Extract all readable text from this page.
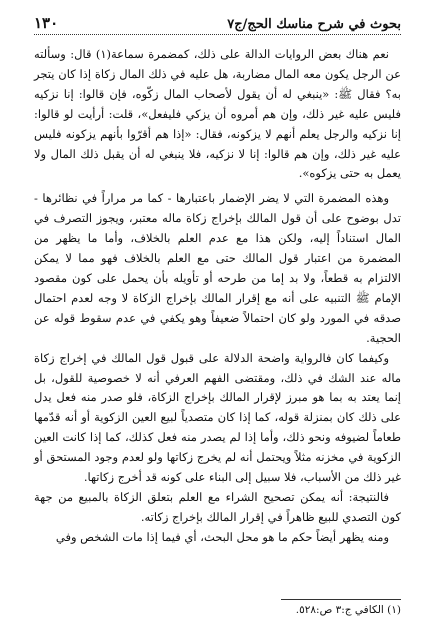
بحوث في شرح مناسك الحج/ج٧
١٣٠

نعم هناك بعض الروايات الدالة على ذلك، كمضمرة سماعة(١) قال: وسألته عن الرجل يكون معه المال مضاربة، هل عليه في ذلك المال زكاة إذا كان يتجر به؟ فقال ﷺ: «ينبغي له أن يقول لأصحاب المال زكّوه، فإن قالوا: إنا نزكيه فليس عليه غير ذلك، وإن هم أمروه أن يزكي فليفعل»، قلت: أرأيت لو قالوا: إنا نزكيه والرجل يعلم أنهم لا يزكونه، فقال: «إذا هم أقرّوا بأنهم يزكونه فليس عليه غير ذلك، وإن هم قالوا: إنا لا نزكيه، فلا ينبغي له أن يقبل ذلك المال ولا يعمل به حتى يزكوه».

وهذه المضمرة التي لا يضر الإضمار باعتبارها - كما مر مراراً في نظائرها - تدل بوضوح على أن قول المالك بإخراج زكاة ماله معتبر، ويجوز التصرف في المال استناداً إليه، ولكن هذا مع عدم العلم بالخلاف، وأما ما يظهر من المضمرة من اعتبار قول المالك حتى مع العلم بالخلاف فهو مما لا يمكن الالتزام به قطعاً، ولا بد إما من طرحه أو تأويله بأن يحمل على كون مقصود الإمام ﷺ التنبيه على أنه مع إقرار المالك بإخراج الزكاة لا وجه لعدم احتمال صدقه في المورد ولو كان احتمالاً ضعيفاً وهو يكفي في عدم سقوط قوله عن الحجية.

وكيفما كان فالرواية واضحة الدلالة على قبول قول المالك في إخراج زكاة ماله عند الشك في ذلك، ومقتضى الفهم العرفي أنه لا خصوصية للقول، بل إنما يعتد به بما هو مبرز لإقرار المالك بإخراج الزكاة، فلو صدر منه فعل يدل على ذلك كان بمنزلة قوله، كما إذا كان متصدياً لبيع العين الزكوية أو أنه قدّمها طعاماً لضيوفه ونحو ذلك، وأما إذا لم يصدر منه فعل كذلك، كما إذا كانت العين الزكوية في مخزنه مثلاً ويحتمل أنه لم يخرج زكاتها ولو لعدم وجود المستحق أو غير ذلك من الأسباب، فلا سبيل إلى البناء على كونه قد أخرج زكاتها.

فالنتيجة: أنه يمكن تصحيح الشراء مع العلم بتعلق الزكاة بالمبيع من جهة كون التصدي للبيع ظاهراً في إقرار المالك بإخراج زكاته.

ومنه يظهر أيضاً حكم ما هو محل البحث، أي فيما إذا مات الشخص وفي

(١) الكافي ج:٣ ص:٥٢٨.
